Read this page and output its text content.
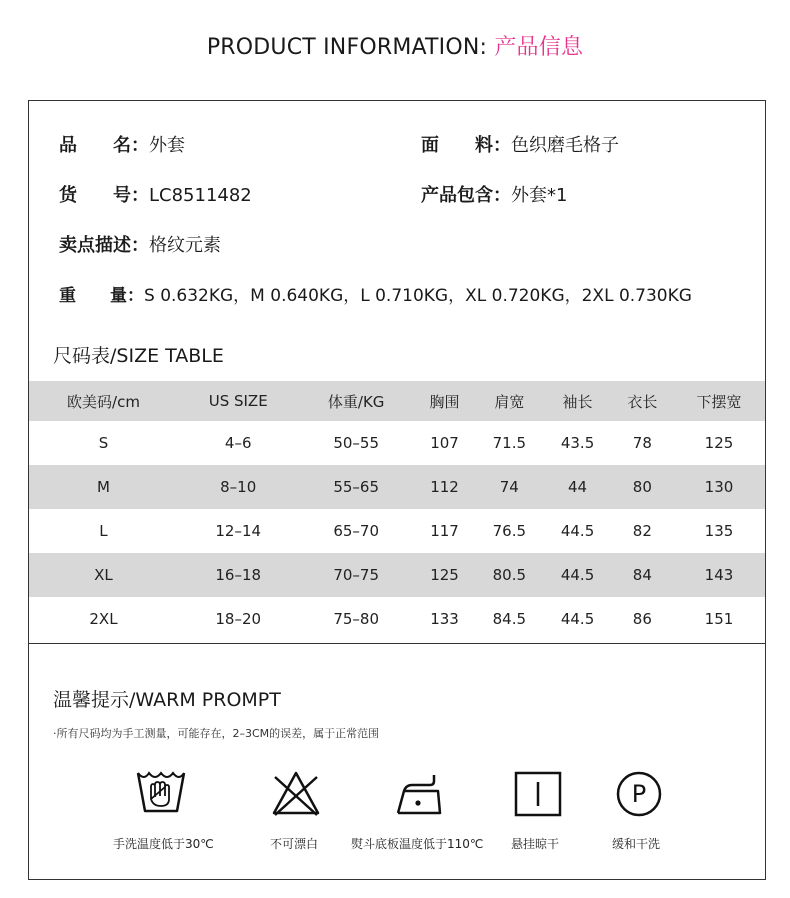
PRODUCT INFORMATION: 产品信息
品　　名：外套	面　　料：色织磨毛格子
货　　号：LC8511482	产品包含：外套*1
卖点描述：格纹元素
重　　量：S 0.632KG，M 0.640KG，L 0.710KG，XL 0.720KG，2XL 0.730KG
尺码表/SIZE TABLE
欧美码/cm	US SIZE	体重/KG	胸围	肩宽	袖长	衣长	下摆宽
S	4–6	50–55	107	71.5	43.5	78	125
M	8–10	55–65	112	74	44	80	130
L	12–14	65–70	117	76.5	44.5	82	135
XL	16–18	70–75	125	80.5	44.5	84	143
2XL	18–20	75–80	133	84.5	44.5	86	151
温馨提示/WARM PROMPT
·所有尺码均为手工测量，可能存在，2–3CM的误差，属于正常范围
P
手洗温度低于30℃	不可漂白	熨斗底板温度低于110℃ 悬挂晾干	缓和干洗
